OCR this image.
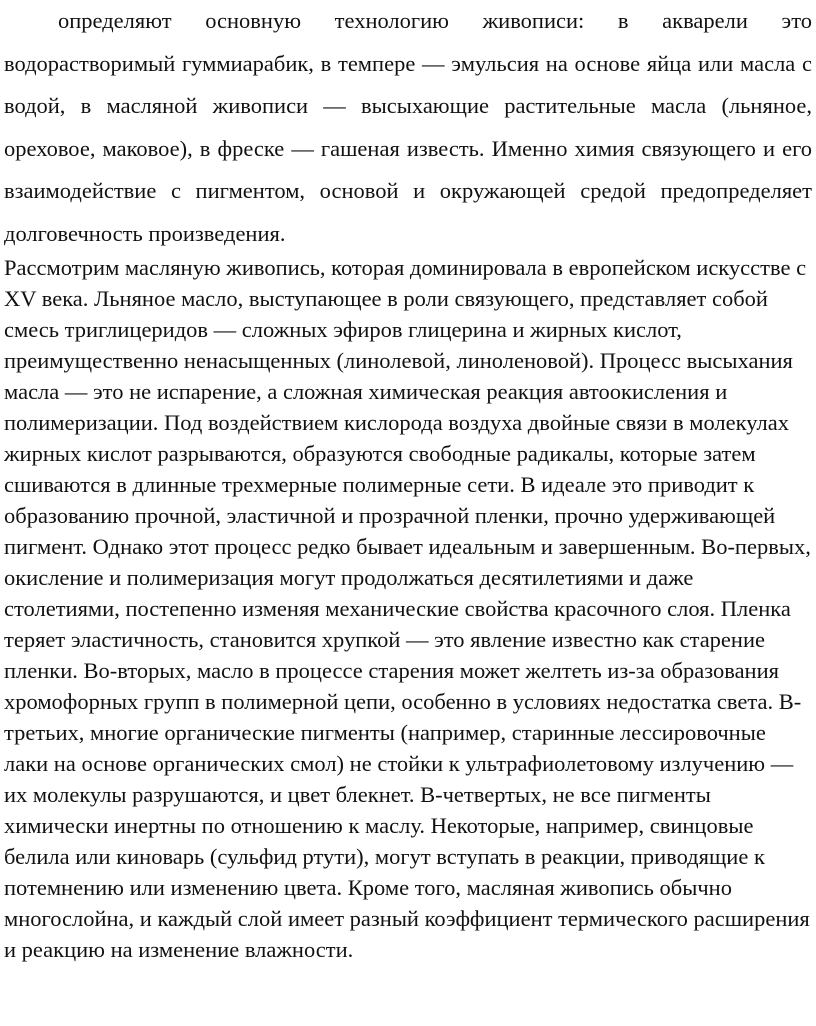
определяют основную технологию живописи: в акварели это водорастворимый гуммиарабик, в темпере — эмульсия на основе яйца или масла с водой, в масляной живописи — высыхающие растительные масла (льняное, ореховое, маковое), в фреске — гашеная известь. Именно химия связующего и его взаимодействие с пигментом, основой и окружающей средой предопределяет долговечность произведения.

Рассмотрим масляную живопись, которая доминировала в европейском искусстве с XV века. Льняное масло, выступающее в роли связующего, представляет собой смесь триглицеридов — сложных эфиров глицерина и жирных кислот, преимущественно ненасыщенных (линолевой, линоленовой). Процесс высыхания масла — это не испарение, а сложная химическая реакция автоокисления и полимеризации. Под воздействием кислорода воздуха двойные связи в молекулах жирных кислот разрываются, образуются свободные радикалы, которые затем сшиваются в длинные трехмерные полимерные сети. В идеале это приводит к образованию прочной, эластичной и прозрачной пленки, прочно удерживающей пигмент. Однако этот процесс редко бывает идеальным и завершенным. Во-первых, окисление и полимеризация могут продолжаться десятилетиями и даже столетиями, постепенно изменяя механические свойства красочного слоя. Пленка теряет эластичность, становится хрупкой — это явление известно как старение пленки. Во-вторых, масло в процессе старения может желтеть из-за образования хромофорных групп в полимерной цепи, особенно в условиях недостатка света. В-третьих, многие органические пигменты (например, старинные лессировочные лаки на основе органических смол) не стойки к ультрафиолетовому излучению — их молекулы разрушаются, и цвет блекнет. В-четвертых, не все пигменты химически инертны по отношению к маслу. Некоторые, например, свинцовые белила или киноварь (сульфид ртути), могут вступать в реакции, приводящие к потемнению или изменению цвета. Кроме того, масляная живопись обычно многослойна, и каждый слой имеет разный коэффициент термического расширения и реакцию на изменение влажности.
